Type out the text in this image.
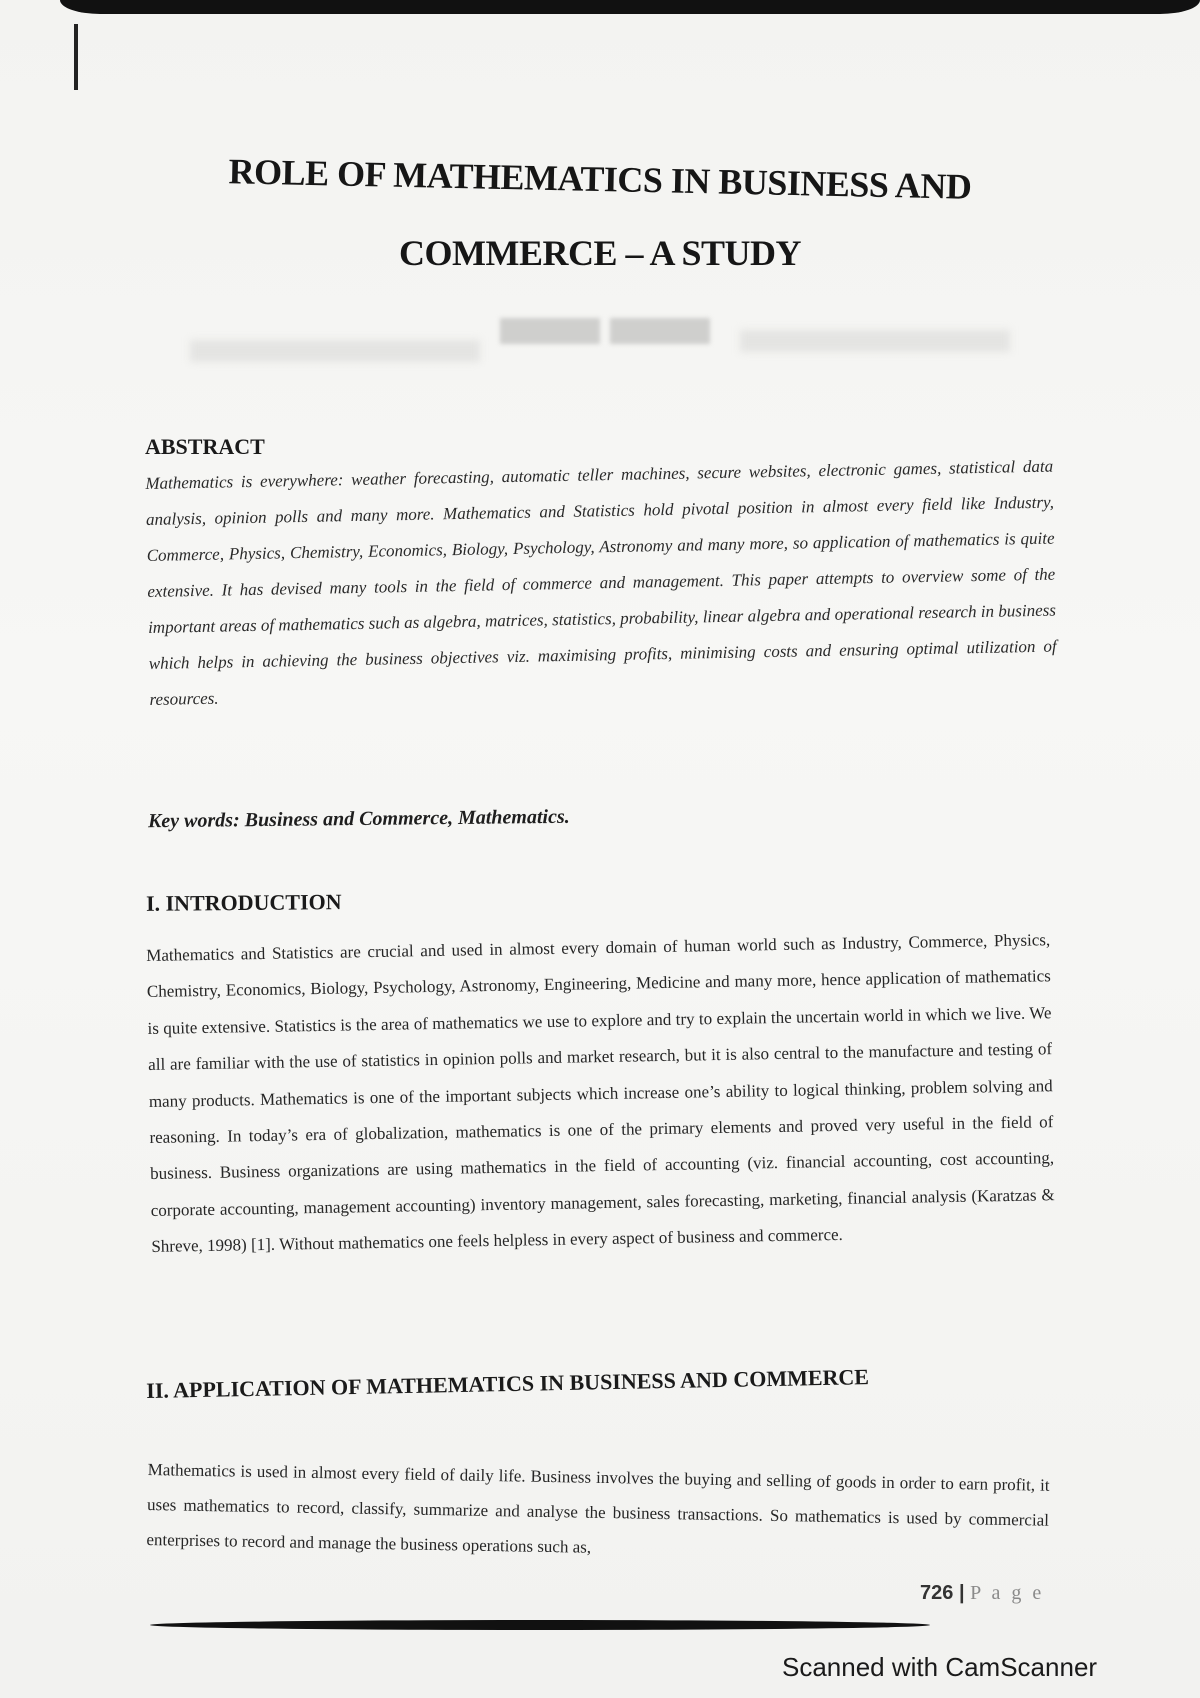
ROLE OF MATHEMATICS IN BUSINESS AND
COMMERCE – A STUDY
ABSTRACT
Mathematics is everywhere: weather forecasting, automatic teller machines, secure websites, electronic games, statistical data analysis, opinion polls and many more. Mathematics and Statistics hold pivotal position in almost every field like Industry, Commerce, Physics, Chemistry, Economics, Biology, Psychology, Astronomy and many more, so application of mathematics is quite extensive. It has devised many tools in the field of commerce and management. This paper attempts to overview some of the important areas of mathematics such as algebra, matrices, statistics, probability, linear algebra and operational research in business which helps in achieving the business objectives viz. maximising profits, minimising costs and ensuring optimal utilization of resources.
Key words: Business and Commerce, Mathematics.
I. INTRODUCTION
Mathematics and Statistics are crucial and used in almost every domain of human world such as Industry, Commerce, Physics, Chemistry, Economics, Biology, Psychology, Astronomy, Engineering, Medicine and many more, hence application of mathematics is quite extensive. Statistics is the area of mathematics we use to explore and try to explain the uncertain world in which we live. We all are familiar with the use of statistics in opinion polls and market research, but it is also central to the manufacture and testing of many products. Mathematics is one of the important subjects which increase one’s ability to logical thinking, problem solving and reasoning. In today’s era of globalization, mathematics is one of the primary elements and proved very useful in the field of business. Business organizations are using mathematics in the field of accounting (viz. financial accounting, cost accounting, corporate accounting, management accounting) inventory management, sales forecasting, marketing, financial analysis (Karatzas & Shreve, 1998) [1]. Without mathematics one feels helpless in every aspect of business and commerce.
II. APPLICATION OF MATHEMATICS IN BUSINESS AND COMMERCE
Mathematics is used in almost every field of daily life. Business involves the buying and selling of goods in order to earn profit, it uses mathematics to record, classify, summarize and analyse the business transactions. So mathematics is used by commercial enterprises to record and manage the business operations such as,
726 | P a g e
Scanned with CamScanner
